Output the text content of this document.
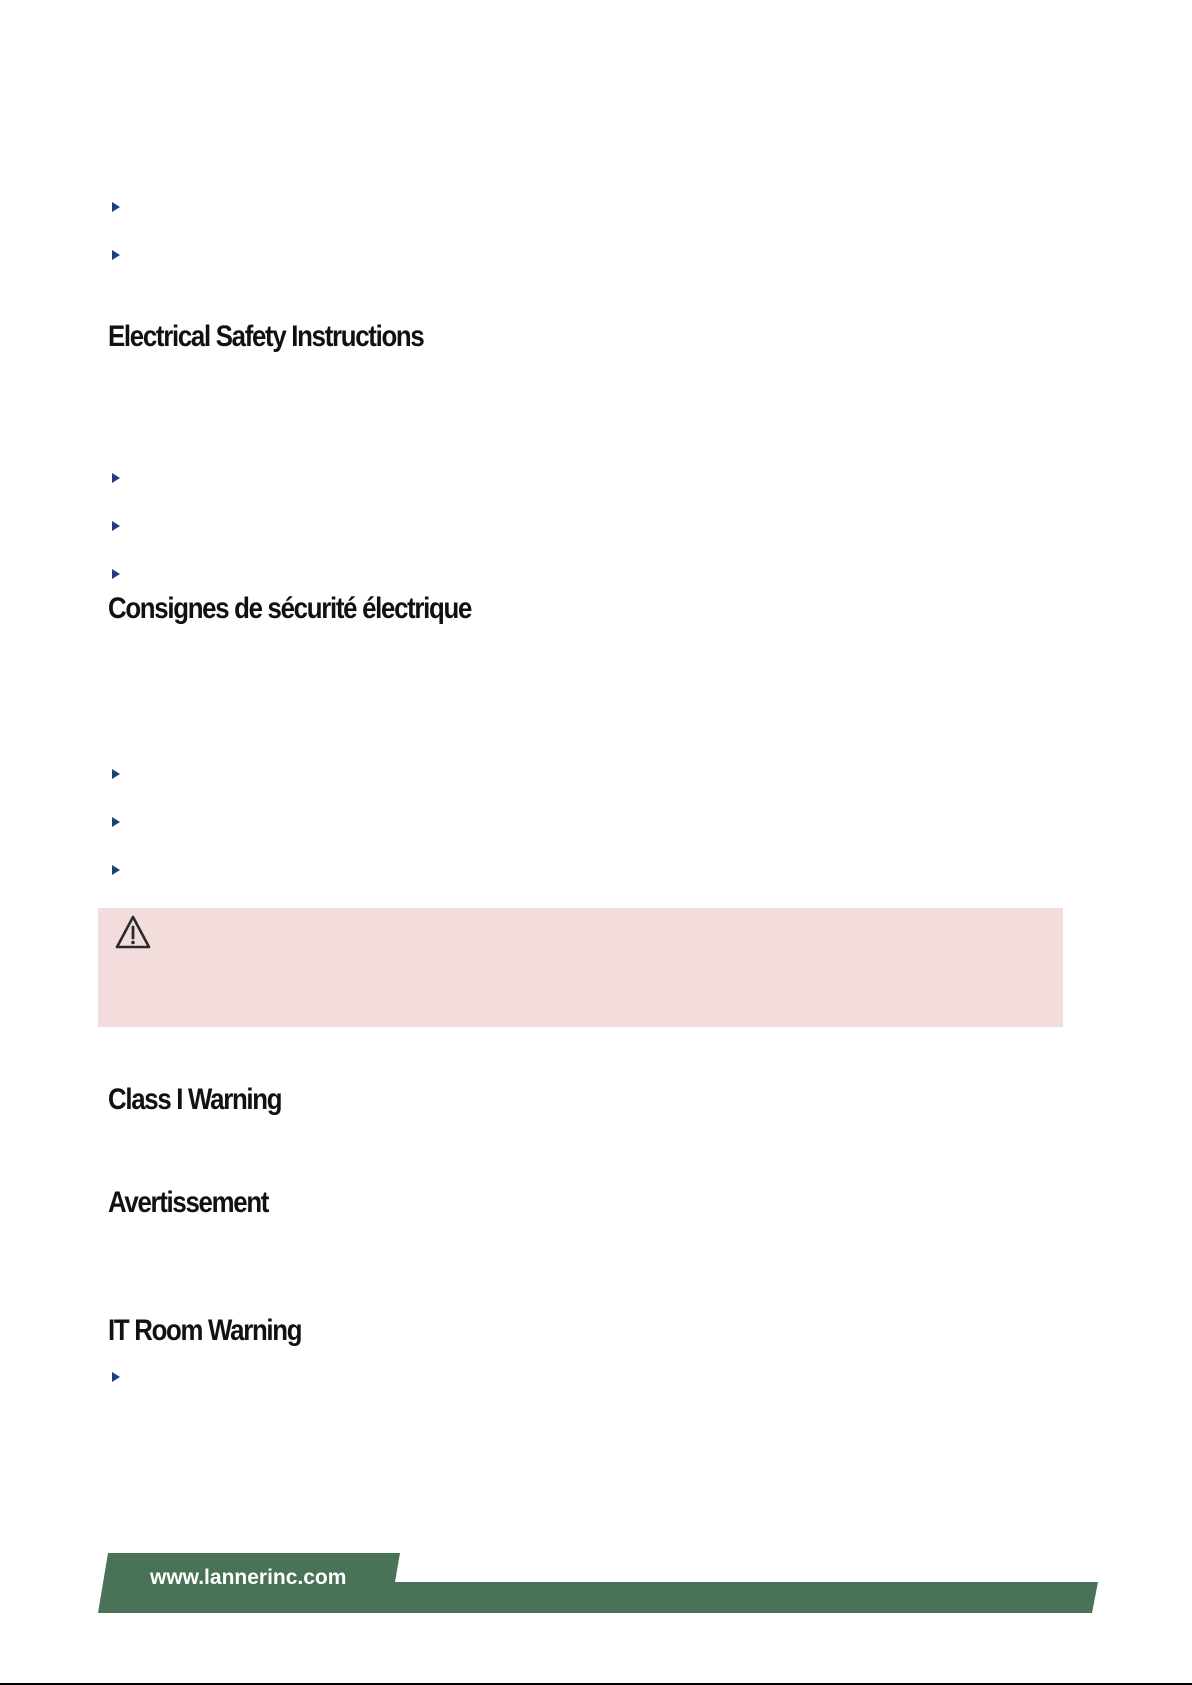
Electrical Safety Instructions
Consignes de sécurité électrique
Class I Warning
Avertissement
IT Room Warning
www.lannerinc.com
